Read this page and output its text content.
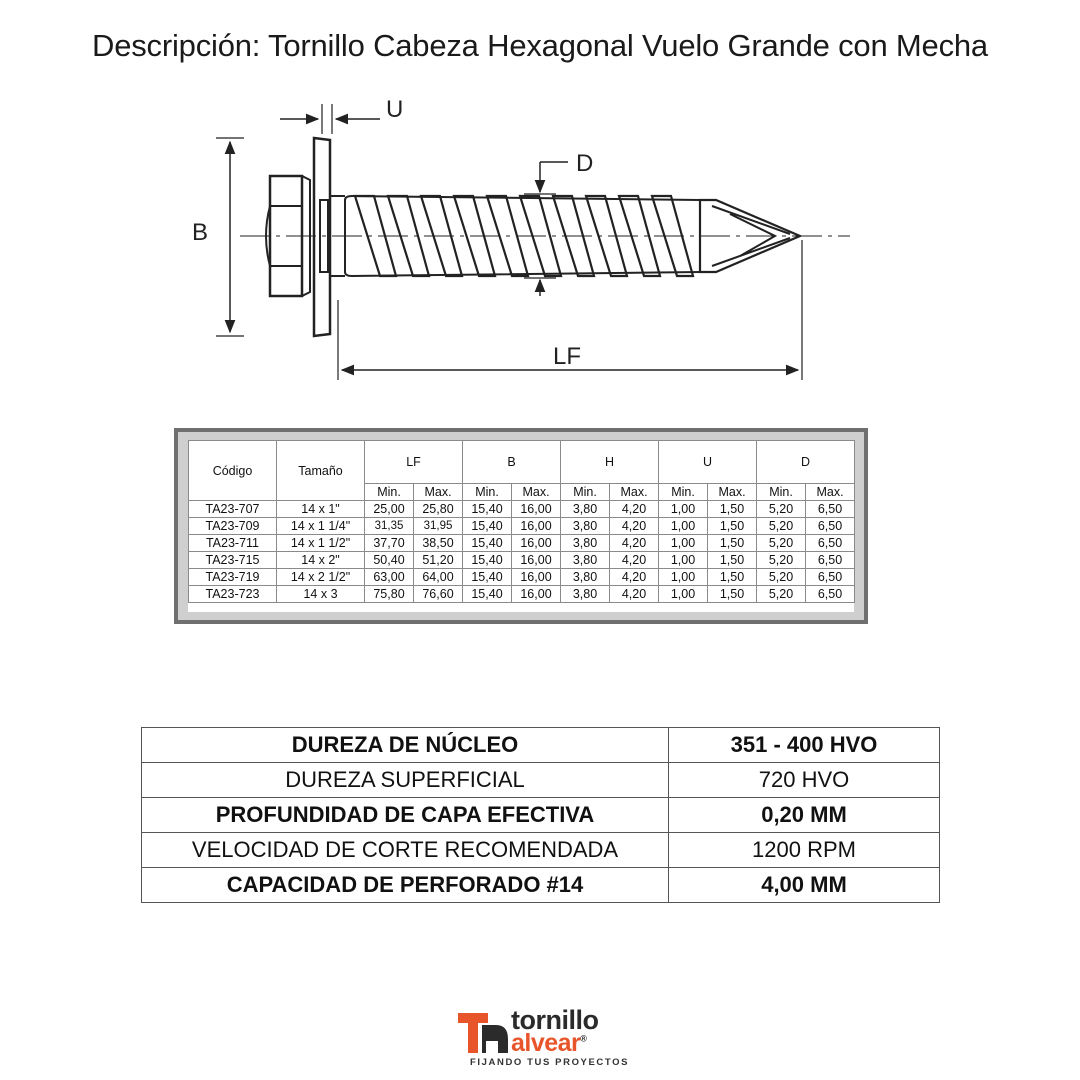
Descripción: Tornillo Cabeza Hexagonal Vuelo Grande con Mecha
B
U
D
LF
Código	Tamaño	LF		B		H		U		D	
		Min.	Max.	Min.	Max.	Min.	Max.	Min.	Max.	Min.	Max.
TA23-707	14 x 1"	25,00	25,80	15,40	16,00	3,80	4,20	1,00	1,50	5,20	6,50
TA23-709	14 x 1 1/4"	31,35	31,95	15,40	16,00	3,80	4,20	1,00	1,50	5,20	6,50
TA23-711	14 x 1 1/2"	37,70	38,50	15,40	16,00	3,80	4,20	1,00	1,50	5,20	6,50
TA23-715	14 x 2"	50,40	51,20	15,40	16,00	3,80	4,20	1,00	1,50	5,20	6,50
TA23-719	14 x 2 1/2"	63,00	64,00	15,40	16,00	3,80	4,20	1,00	1,50	5,20	6,50
TA23-723	14 x 3	75,80	76,60	15,40	16,00	3,80	4,20	1,00	1,50	5,20	6,50
DUREZA DE NÚCLEO	351 - 400 HVO
DUREZA SUPERFICIAL	720 HVO
PROFUNDIDAD DE CAPA EFECTIVA	0,20 MM
VELOCIDAD DE CORTE RECOMENDADA	1200 RPM
CAPACIDAD DE PERFORADO #14	4,00 MM
tornillo
alvear®
FIJANDO TUS PROYECTOS
